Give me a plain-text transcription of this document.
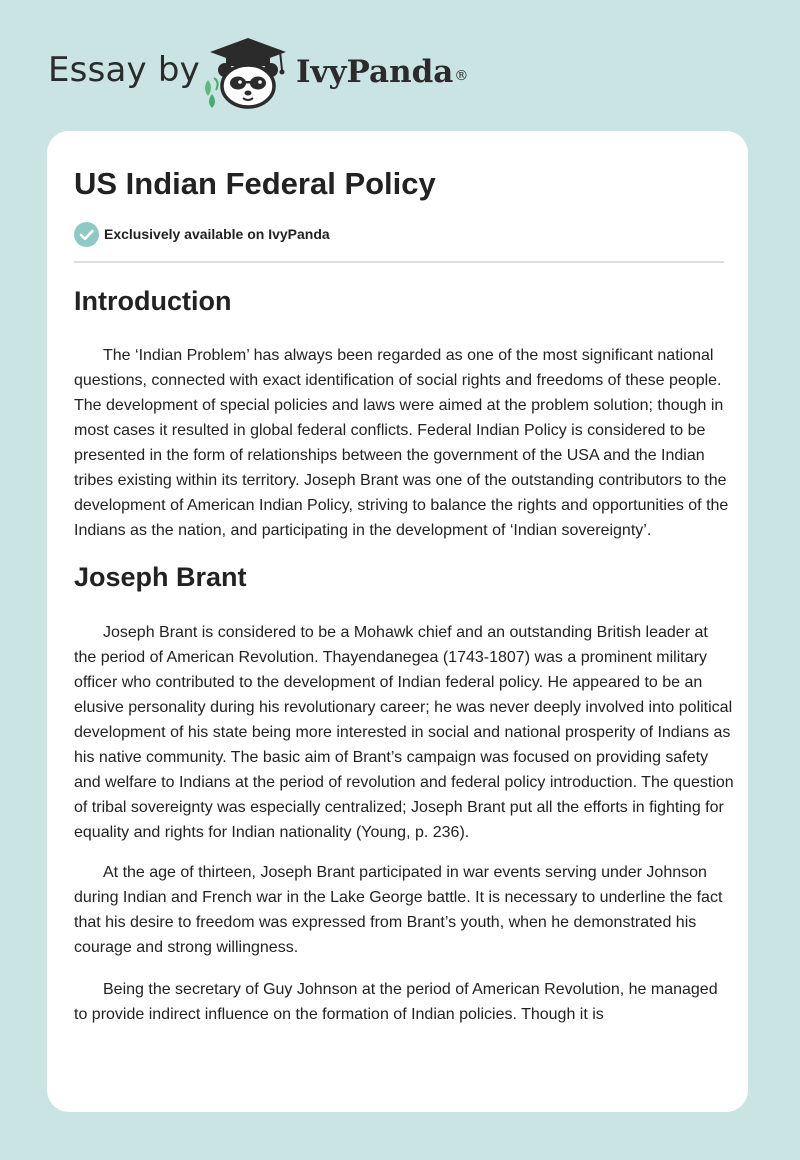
Essay by	IvyPanda®
US Indian Federal Policy
Exclusively available on IvyPanda
Introduction

The ‘Indian Problem’ has always been regarded as one of the most significant national questions, connected with exact identification of social rights and freedoms of these people. The development of special policies and laws were aimed at the problem solution; though in most cases it resulted in global federal conflicts. Federal Indian Policy is considered to be presented in the form of relationships between the government of the USA and the Indian tribes existing within its territory. Joseph Brant was one of the outstanding contributors to the development of American Indian Policy, striving to balance the rights and opportunities of the Indians as the nation, and participating in the development of ‘Indian sovereignty’.

Joseph Brant

Joseph Brant is considered to be a Mohawk chief and an outstanding British leader at the period of American Revolution. Thayendanegea (1743-1807) was a prominent military officer who contributed to the development of Indian federal policy. He appeared to be an elusive personality during his revolutionary career; he was never deeply involved into political development of his state being more interested in social and national prosperity of Indians as his native community. The basic aim of Brant’s campaign was focused on providing safety and welfare to Indians at the period of revolution and federal policy introduction. The question of tribal sovereignty was especially centralized; Joseph Brant put all the efforts in fighting for equality and rights for Indian nationality (Young, p. 236).

At the age of thirteen, Joseph Brant participated in war events serving under Johnson during Indian and French war in the Lake George battle. It is necessary to underline the fact that his desire to freedom was expressed from Brant’s youth, when he demonstrated his courage and strong willingness.

Being the secretary of Guy Johnson at the period of American Revolution, he managed to provide indirect influence on the formation of Indian policies. Though it is
